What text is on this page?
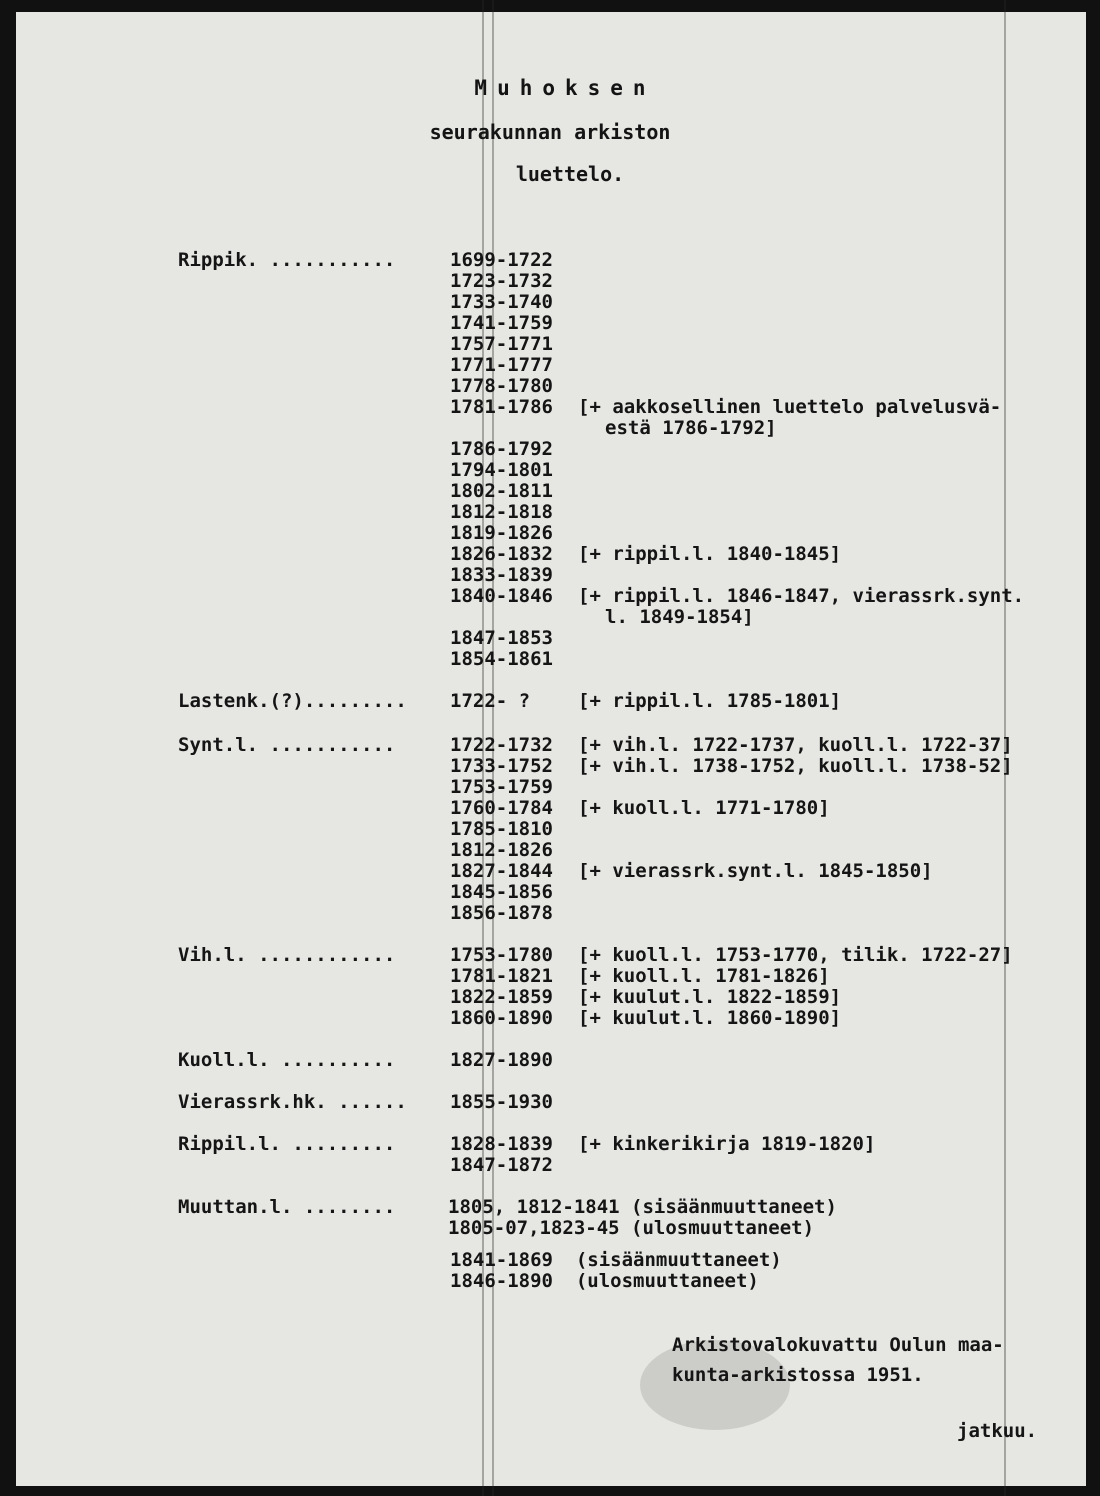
Muhoksen
seurakunnan arkiston
luettelo.
Rippik. ...........	1699-1722
1723-1732
1733-1740
1741-1759
1757-1771
1771-1777
1778-1780
1781-1786 [+ aakkosellinen luettelo palvelusvä-
estä 1786-1792]
1786-1792
1794-1801
1802-1811
1812-1818
1819-1826
1826-1832 [+ rippil.l. 1840-1845]
1833-1839
1840-1846 [+ rippil.l. 1846-1847, vierassrk.synt.
l. 1849-1854]
1847-1853
1854-1861
Lastenk.(?)......... 1722- ?	[+ rippil.l. 1785-1801]
Synt.l. ...........	1722-1732 [+ vih.l. 1722-1737, kuoll.l. 1722-37]
1733-1752 [+ vih.l. 1738-1752, kuoll.l. 1738-52]
1753-1759
1760-1784 [+ kuoll.l. 1771-1780]
1785-1810
1812-1826
1827-1844 [+ vierassrk.synt.l. 1845-1850]
1845-1856
1856-1878
Vih.l. ............	1753-1780 [+ kuoll.l. 1753-1770, tilik. 1722-27]
1781-1821 [+ kuoll.l. 1781-1826]
1822-1859 [+ kuulut.l. 1822-1859]
1860-1890 [+ kuulut.l. 1860-1890]
Kuoll.l. ..........	1827-1890
Vierassrk.hk. ...... 1855-1930
Rippil.l. .........	1828-1839 [+ kinkerikirja 1819-1820]
1847-1872
Muuttan.l. ........	1805, 1812-1841 (sisäänmuuttaneet)
1805-07,1823-45 (ulosmuuttaneet)
1841-1869  (sisäänmuuttaneet)
1846-1890  (ulosmuuttaneet)
Arkistovalokuvattu Oulun maa-
kunta-arkistossa 1951.
jatkuu.
